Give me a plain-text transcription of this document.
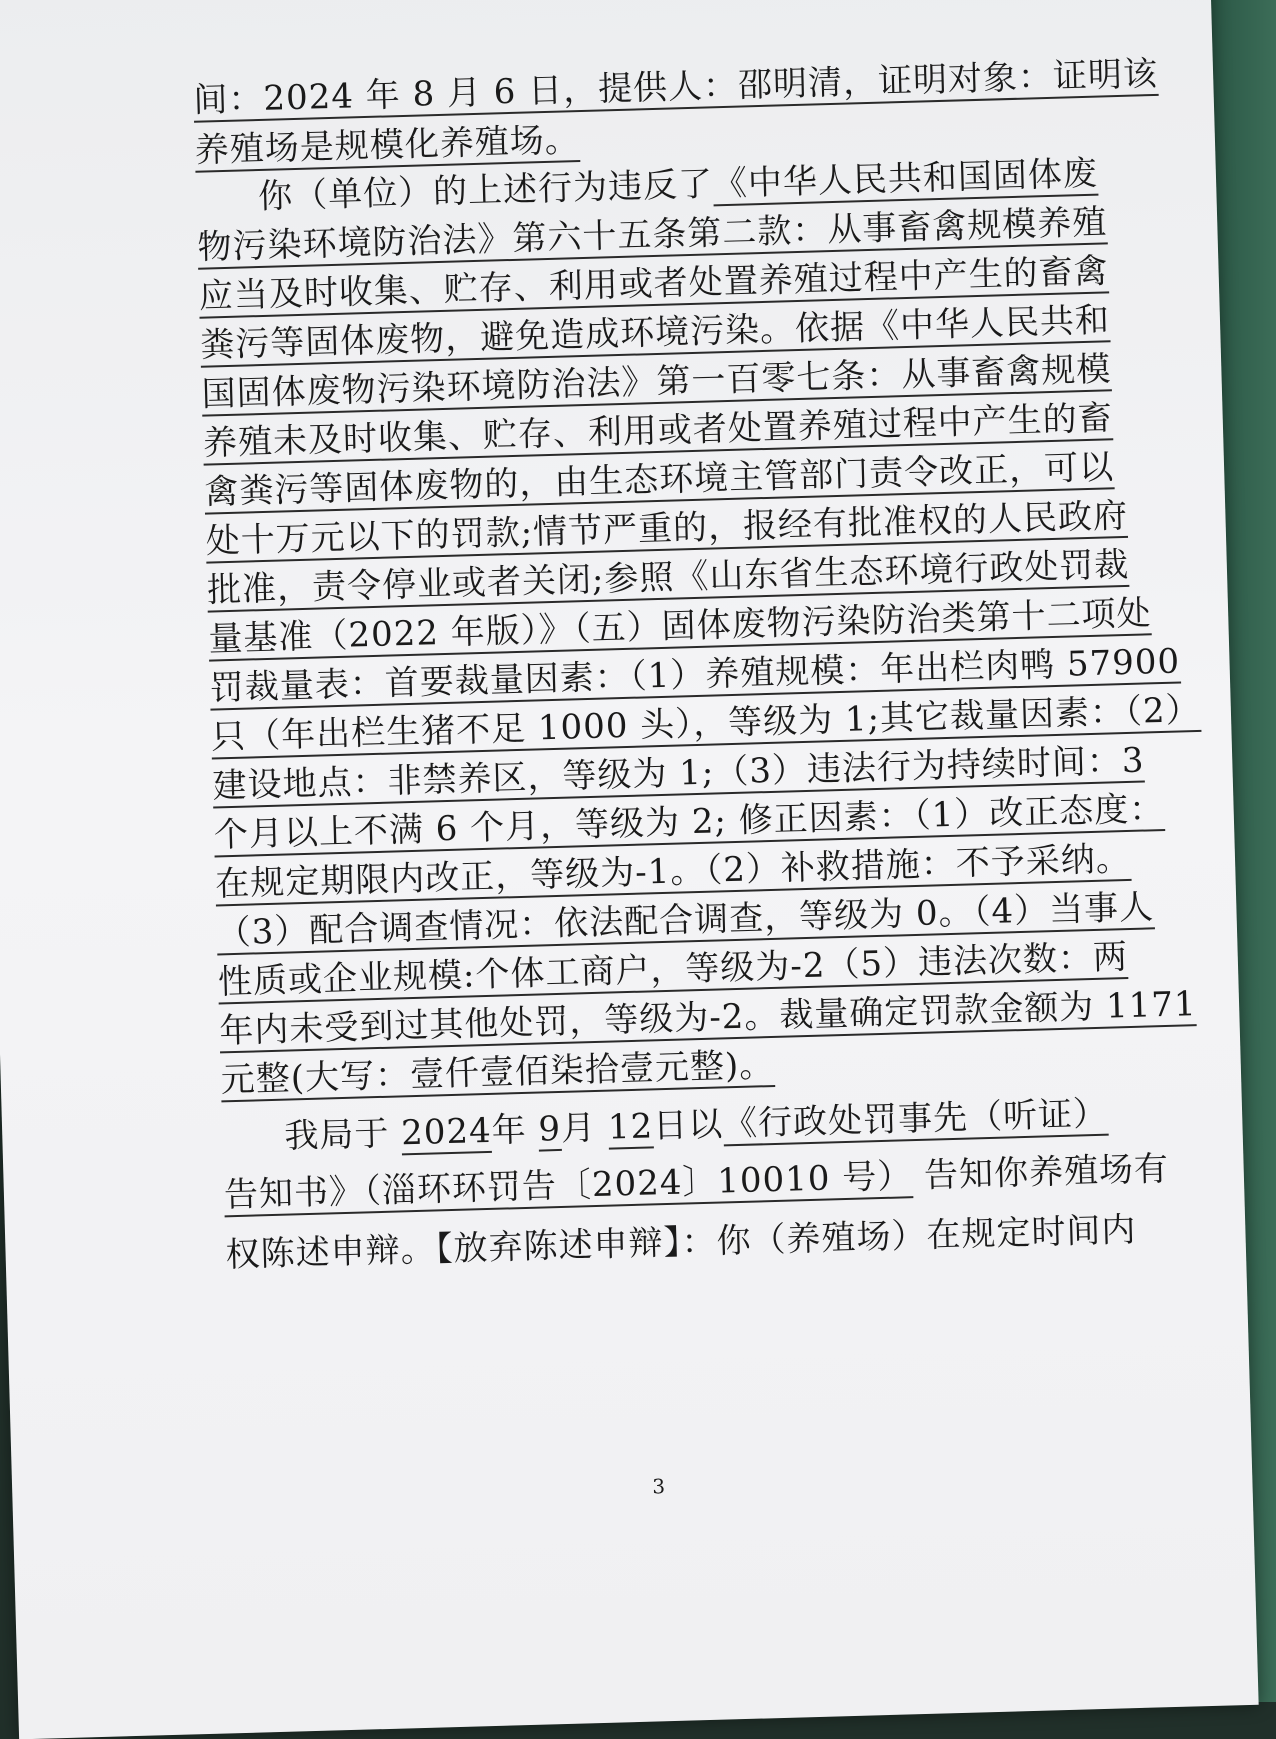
间：2024 年 8 月 6 日，提供人：邵明清，证明对象：证明该
养殖场是规模化养殖场。
你（单位）的上述行为违反了《中华人民共和国固体废
物污染环境防治法》第六十五条第二款：从事畜禽规模养殖
应当及时收集、贮存、利用或者处置养殖过程中产生的畜禽
粪污等固体废物，避免造成环境污染。依据《中华人民共和
国固体废物污染环境防治法》第一百零七条：从事畜禽规模
养殖未及时收集、贮存、利用或者处置养殖过程中产生的畜
禽粪污等固体废物的，由生态环境主管部门责令改正，可以
处十万元以下的罚款;情节严重的，报经有批准权的人民政府
批准，责令停业或者关闭;参照《山东省生态环境行政处罚裁
量基准（2022 年版）》（五）固体废物污染防治类第十二项处
罚裁量表：首要裁量因素：（1）养殖规模：年出栏肉鸭 57900
只（年出栏生猪不足 1000 头），等级为 1;其它裁量因素：（2）
建设地点：非禁养区，等级为 1;（3）违法行为持续时间：3
个月以上不满 6 个月，等级为 2; 修正因素：（1）改正态度：
在规定期限内改正，等级为-1。（2）补救措施：不予采纳。
（3）配合调查情况：依法配合调查，等级为 0。（4）当事人
性质或企业规模:个体工商户，等级为-2（5）违法次数：两
年内未受到过其他处罚，等级为-2。裁量确定罚款金额为 1171
元整(大写：壹仟壹佰柒拾壹元整)。
我局于 2024年 9月 12日以《行政处罚事先（听证）
告知书》（淄环环罚告〔2024〕10010 号） 告知你养殖场有
权陈述申辩。【放弃陈述申辩】：你（养殖场）在规定时间内
3
